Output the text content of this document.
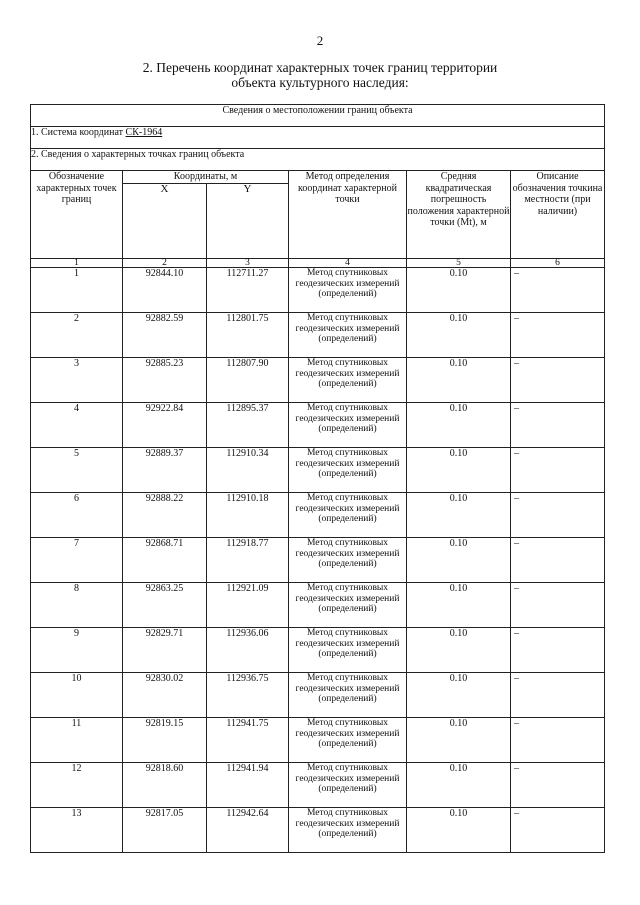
2
2. Перечень координат характерных точек границ территории
объекта культурного наследия:
Сведения о местоположении границ объекта					
1. Система координат СК-1964					
2. Сведения о характерных точках границ объекта					
Обозначение характерных точек границ	Координаты, м		Метод определения координат характерной точки	Средняя квадратическая погрешность положения характерной точки (Mt), м	Описание обозначения точкина местности (при наличии)
	X	Y			
1	2	3	4	5	6
1	92844.10	112711.27	Метод спутниковых геодезических измерений (определений)	0.10	–
2	92882.59	112801.75	Метод спутниковых геодезических измерений (определений)	0.10	–
3	92885.23	112807.90	Метод спутниковых геодезических измерений (определений)	0.10	–
4	92922.84	112895.37	Метод спутниковых геодезических измерений (определений)	0.10	–
5	92889.37	112910.34	Метод спутниковых геодезических измерений (определений)	0.10	–
6	92888.22	112910.18	Метод спутниковых геодезических измерений (определений)	0.10	–
7	92868.71	112918.77	Метод спутниковых геодезических измерений (определений)	0.10	–
8	92863.25	112921.09	Метод спутниковых геодезических измерений (определений)	0.10	–
9	92829.71	112936.06	Метод спутниковых геодезических измерений (определений)	0.10	–
10	92830.02	112936.75	Метод спутниковых геодезических измерений (определений)	0.10	–
11	92819.15	112941.75	Метод спутниковых геодезических измерений (определений)	0.10	–
12	92818.60	112941.94	Метод спутниковых геодезических измерений (определений)	0.10	–
13	92817.05	112942.64	Метод спутниковых геодезических измерений (определений)	0.10	–
